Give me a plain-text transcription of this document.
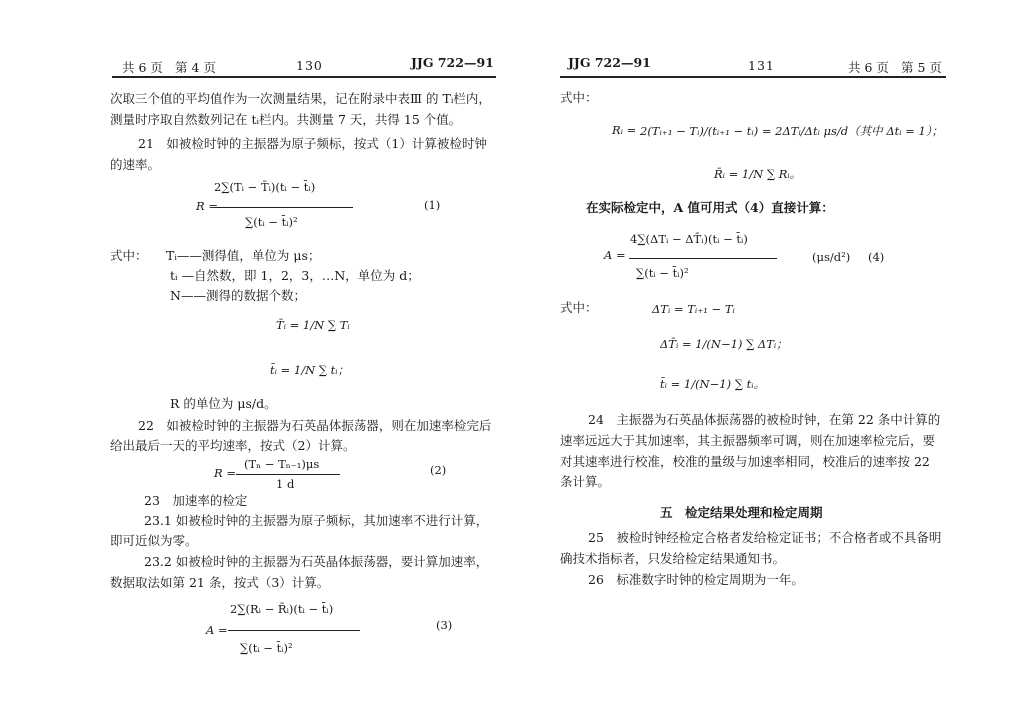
共 6 页 第 4 页	130	JJG 722—91
次取三个值的平均值作为一次测量结果，记在附录中表Ⅲ 的 Tᵢ栏内，
测量时序取自然数列记在 tᵢ栏内。共测量 7 天，共得 15 个值。
21　如被检时钟的主振器为原子频标，按式（1）计算被检时钟
的速率。
R =
2∑(Tᵢ − T̄ᵢ)(tᵢ − t̄ᵢ)
∑(tᵢ − t̄ᵢ)²
(1)
式中： Tᵢ——测得值，单位为 μs；
tᵢ —自然数，即 1，2，3，…N，单位为 d；
N——测得的数据个数；
T̄ᵢ = 1/N ∑ Tᵢ
t̄ᵢ = 1/N ∑ tᵢ；
R 的单位为 μs/d。
22　如被检时钟的主振器为石英晶体振荡器，则在加速率检完后
给出最后一天的平均速率，按式（2）计算。
R =
(Tₙ − Tₙ₋₁)μs
1 d
(2)
23　加速率的检定
23.1 如被检时钟的主振器为原子频标，其加速率不进行计算，
即可近似为零。
23.2 如被检时钟的主振器为石英晶体振荡器，要计算加速率，
数据取法如第 21 条，按式（3）计算。
A =
2∑(Rᵢ − R̄ᵢ)(tᵢ − t̄ᵢ)
∑(tᵢ − t̄ᵢ)²
(3)
JJG 722—91	131	共 6 页 第 5 页
式中：
Rᵢ = 2(Tᵢ₊₁ − Tᵢ)/(tᵢ₊₁ − tᵢ) = 2ΔTᵢ/Δtᵢ μs/d（其中 Δtᵢ = 1）；
R̄ᵢ = 1/N ∑ Rᵢ。
在实际检定中，A 值可用式（4）直接计算：
A =
4∑(ΔTᵢ − ΔT̄ᵢ)(tᵢ − t̄ᵢ)
∑(tᵢ − t̄ᵢ)²
(μs/d²) (4)
式中：	ΔTᵢ = Tᵢ₊₁ − Tᵢ
ΔT̄ᵢ = 1/(N−1) ∑ ΔTᵢ；
t̄ᵢ = 1/(N−1) ∑ tᵢ。
24　主振器为石英晶体振荡器的被检时钟，在第 22 条中计算的
速率远远大于其加速率，其主振器频率可调，则在加速率检完后，要
对其速率进行校准，校准的量级与加速率相同，校准后的速率按 22
条计算。
五　检定结果处理和检定周期
25　被检时钟经检定合格者发给检定证书；不合格者或不具备明
确技术指标者，只发给检定结果通知书。
26　标准数字时钟的检定周期为一年。
